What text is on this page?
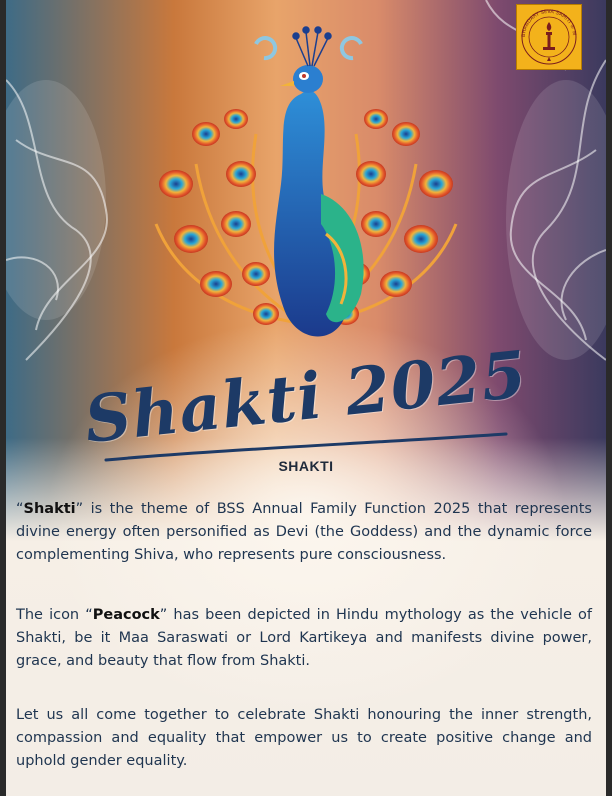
BHANDARY SEVA SAMITI ® M
Shakti 2025
SHAKTI
“Shakti” is the theme of BSS Annual Family Function 2025 that represents divine energy often personified as Devi (the Goddess) and the dynamic force complementing Shiva, who represents pure consciousness.
The icon “Peacock” has been depicted in Hindu mythology as the vehicle of Shakti, be it Maa Saraswati or Lord Kartikeya and manifests divine power, grace, and beauty that flow from Shakti.
Let us all come together to celebrate Shakti honouring the inner strength, compassion and equality that empower us to create positive change and uphold gender equality.
